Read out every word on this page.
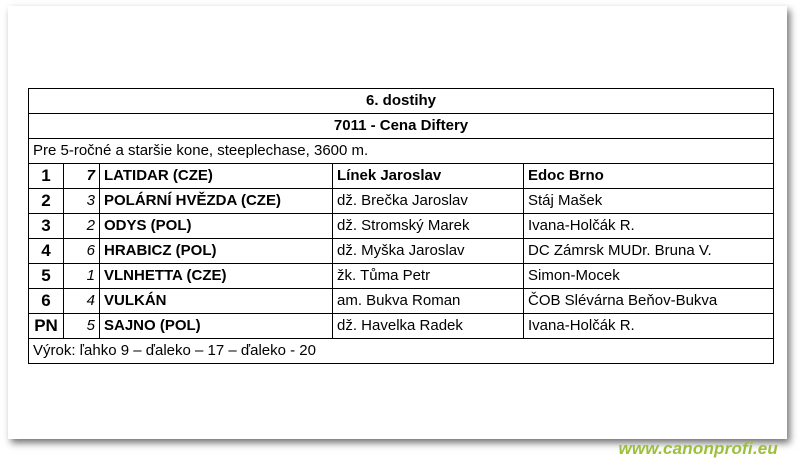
6. dostihy				
7011 - Cena Diftery				
Pre 5-ročné a staršie kone, steeplechase, 3600 m.				
1	7	LATIDAR (CZE)	Línek Jaroslav	Edoc Brno
2	3	POLÁRNÍ HVĚZDA (CZE)	dž. Brečka Jaroslav	Stáj Mašek
3	2	ODYS (POL)	dž. Stromský Marek	Ivana-Holčák R.
4	6	HRABICZ (POL)	dž. Myška Jaroslav	DC Zámrsk MUDr. Bruna V.
5	1	VLNHETTA (CZE)	žk. Tůma Petr	Simon-Mocek
6	4	VULKÁN	am. Bukva Roman	ČOB Slévárna Beňov-Bukva
PN	5	SAJNO (POL)	dž. Havelka Radek	Ivana-Holčák R.
Výrok: ľahko 9 – ďaleko – 17 – ďaleko - 20				
www.canonprofi.eu
